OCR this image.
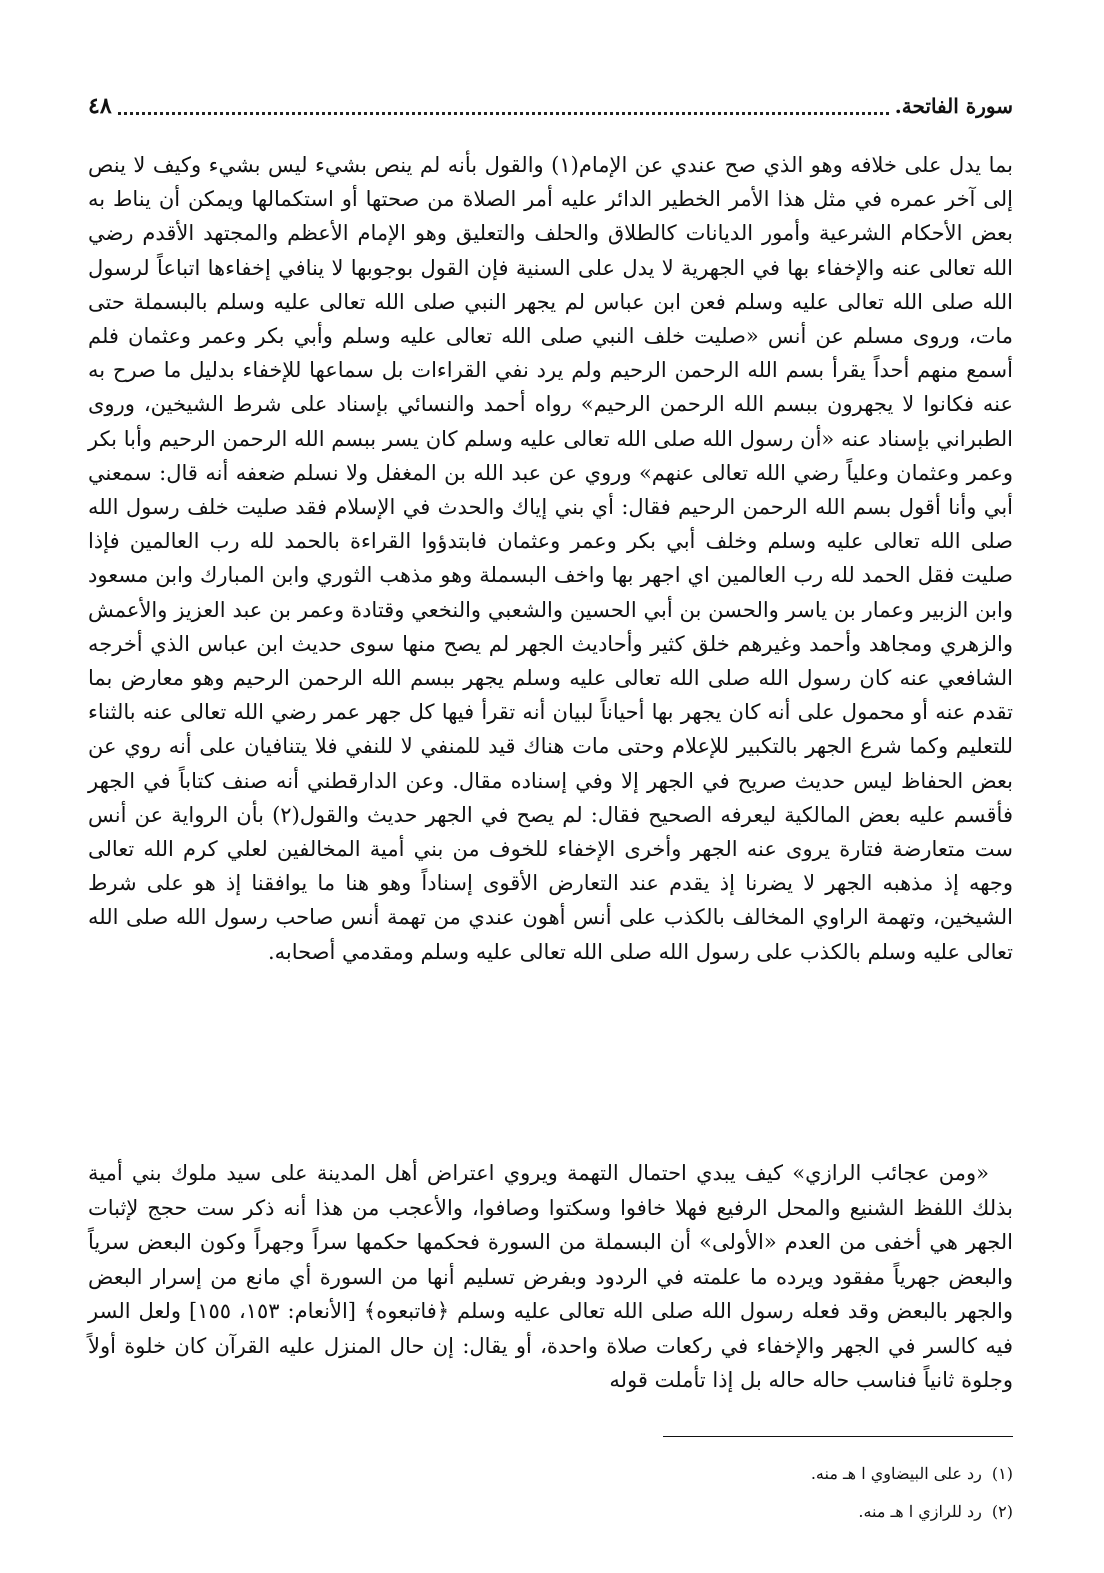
٤٨	.سورة الفاتحة
بما يدل على خلافه وهو الذي صح عندي عن الإمام(١) والقول بأنه لم ينص بشيء ليس بشيء وكيف لا ينص إلى آخر عمره في مثل هذا الأمر الخطير الدائر عليه أمر الصلاة من صحتها أو استكمالها ويمكن أن يناط به بعض الأحكام الشرعية وأمور الديانات كالطلاق والحلف والتعليق وهو الإمام الأعظم والمجتهد الأقدم رضي الله تعالى عنه والإخفاء بها في الجهرية لا يدل على السنية فإن القول بوجوبها لا ينافي إخفاءها اتباعاً لرسول الله صلى الله تعالى عليه وسلم فعن ابن عباس لم يجهر النبي صلى الله تعالى عليه وسلم بالبسملة حتى مات، وروى مسلم عن أنس «صليت خلف النبي صلى الله تعالى عليه وسلم وأبي بكر وعمر وعثمان فلم أسمع منهم أحداً يقرأ بسم الله الرحمن الرحيم ولم يرد نفي القراءات بل سماعها للإخفاء بدليل ما صرح به عنه فكانوا لا يجهرون ببسم الله الرحمن الرحيم» رواه أحمد والنسائي بإسناد على شرط الشيخين، وروى الطبراني بإسناد عنه «أن رسول الله صلى الله تعالى عليه وسلم كان يسر ببسم الله الرحمن الرحيم وأبا بكر وعمر وعثمان وعلياً رضي الله تعالى عنهم» وروي عن عبد الله بن المغفل ولا نسلم ضعفه أنه قال: سمعني أبي وأنا أقول بسم الله الرحمن الرحيم فقال: أي بني إياك والحدث في الإسلام فقد صليت خلف رسول الله صلى الله تعالى عليه وسلم وخلف أبي بكر وعمر وعثمان فابتدؤوا القراءة بالحمد لله رب العالمين فإذا صليت فقل الحمد لله رب العالمين اي اجهر بها واخف البسملة وهو مذهب الثوري وابن المبارك وابن مسعود وابن الزبير وعمار بن ياسر والحسن بن أبي الحسين والشعبي والنخعي وقتادة وعمر بن عبد العزيز والأعمش والزهري ومجاهد وأحمد وغيرهم خلق كثير وأحاديث الجهر لم يصح منها سوى حديث ابن عباس الذي أخرجه الشافعي عنه كان رسول الله صلى الله تعالى عليه وسلم يجهر ببسم الله الرحمن الرحيم وهو معارض بما تقدم عنه أو محمول على أنه كان يجهر بها أحياناً لبيان أنه تقرأ فيها كل جهر عمر رضي الله تعالى عنه بالثناء للتعليم وكما شرع الجهر بالتكبير للإعلام وحتى مات هناك قيد للمنفي لا للنفي فلا يتنافيان على أنه روي عن بعض الحفاظ ليس حديث صريح في الجهر إلا وفي إسناده مقال. وعن الدارقطني أنه صنف كتاباً في الجهر فأقسم عليه بعض المالكية ليعرفه الصحيح فقال: لم يصح في الجهر حديث والقول(٢) بأن الرواية عن أنس ست متعارضة فتارة يروى عنه الجهر وأخرى الإخفاء للخوف من بني أمية المخالفين لعلي كرم الله تعالى وجهه إذ مذهبه الجهر لا يضرنا إذ يقدم عند التعارض الأقوى إسناداً وهو هنا ما يوافقنا إذ هو على شرط الشيخين، وتهمة الراوي المخالف بالكذب على أنس أهون عندي من تهمة أنس صاحب رسول الله صلى الله تعالى عليه وسلم بالكذب على رسول الله صلى الله تعالى عليه وسلم ومقدمي أصحابه.
«ومن عجائب الرازي» كيف يبدي احتمال التهمة ويروي اعتراض أهل المدينة على سيد ملوك بني أمية بذلك اللفظ الشنيع والمحل الرفيع فهلا خافوا وسكتوا وصافوا، والأعجب من هذا أنه ذكر ست حجج لإثبات الجهر هي أخفى من العدم «الأولى» أن البسملة من السورة فحكمها حكمها سراً وجهراً وكون البعض سرياً والبعض جهرياً مفقود ويرده ما علمته في الردود وبفرض تسليم أنها من السورة أي مانع من إسرار البعض والجهر بالبعض وقد فعله رسول الله صلى الله تعالى عليه وسلم ﴿فاتبعوه﴾ [الأنعام: ١٥٣، ١٥٥] ولعل السر فيه كالسر في الجهر والإخفاء في ركعات صلاة واحدة، أو يقال: إن حال المنزل عليه القرآن كان خلوة أولاً وجلوة ثانياً فناسب حاله حاله بل إذا تأملت قوله
(١)رد على البيضاوي ا هـ منه.
(٢)رد للرازي ا هـ منه.
